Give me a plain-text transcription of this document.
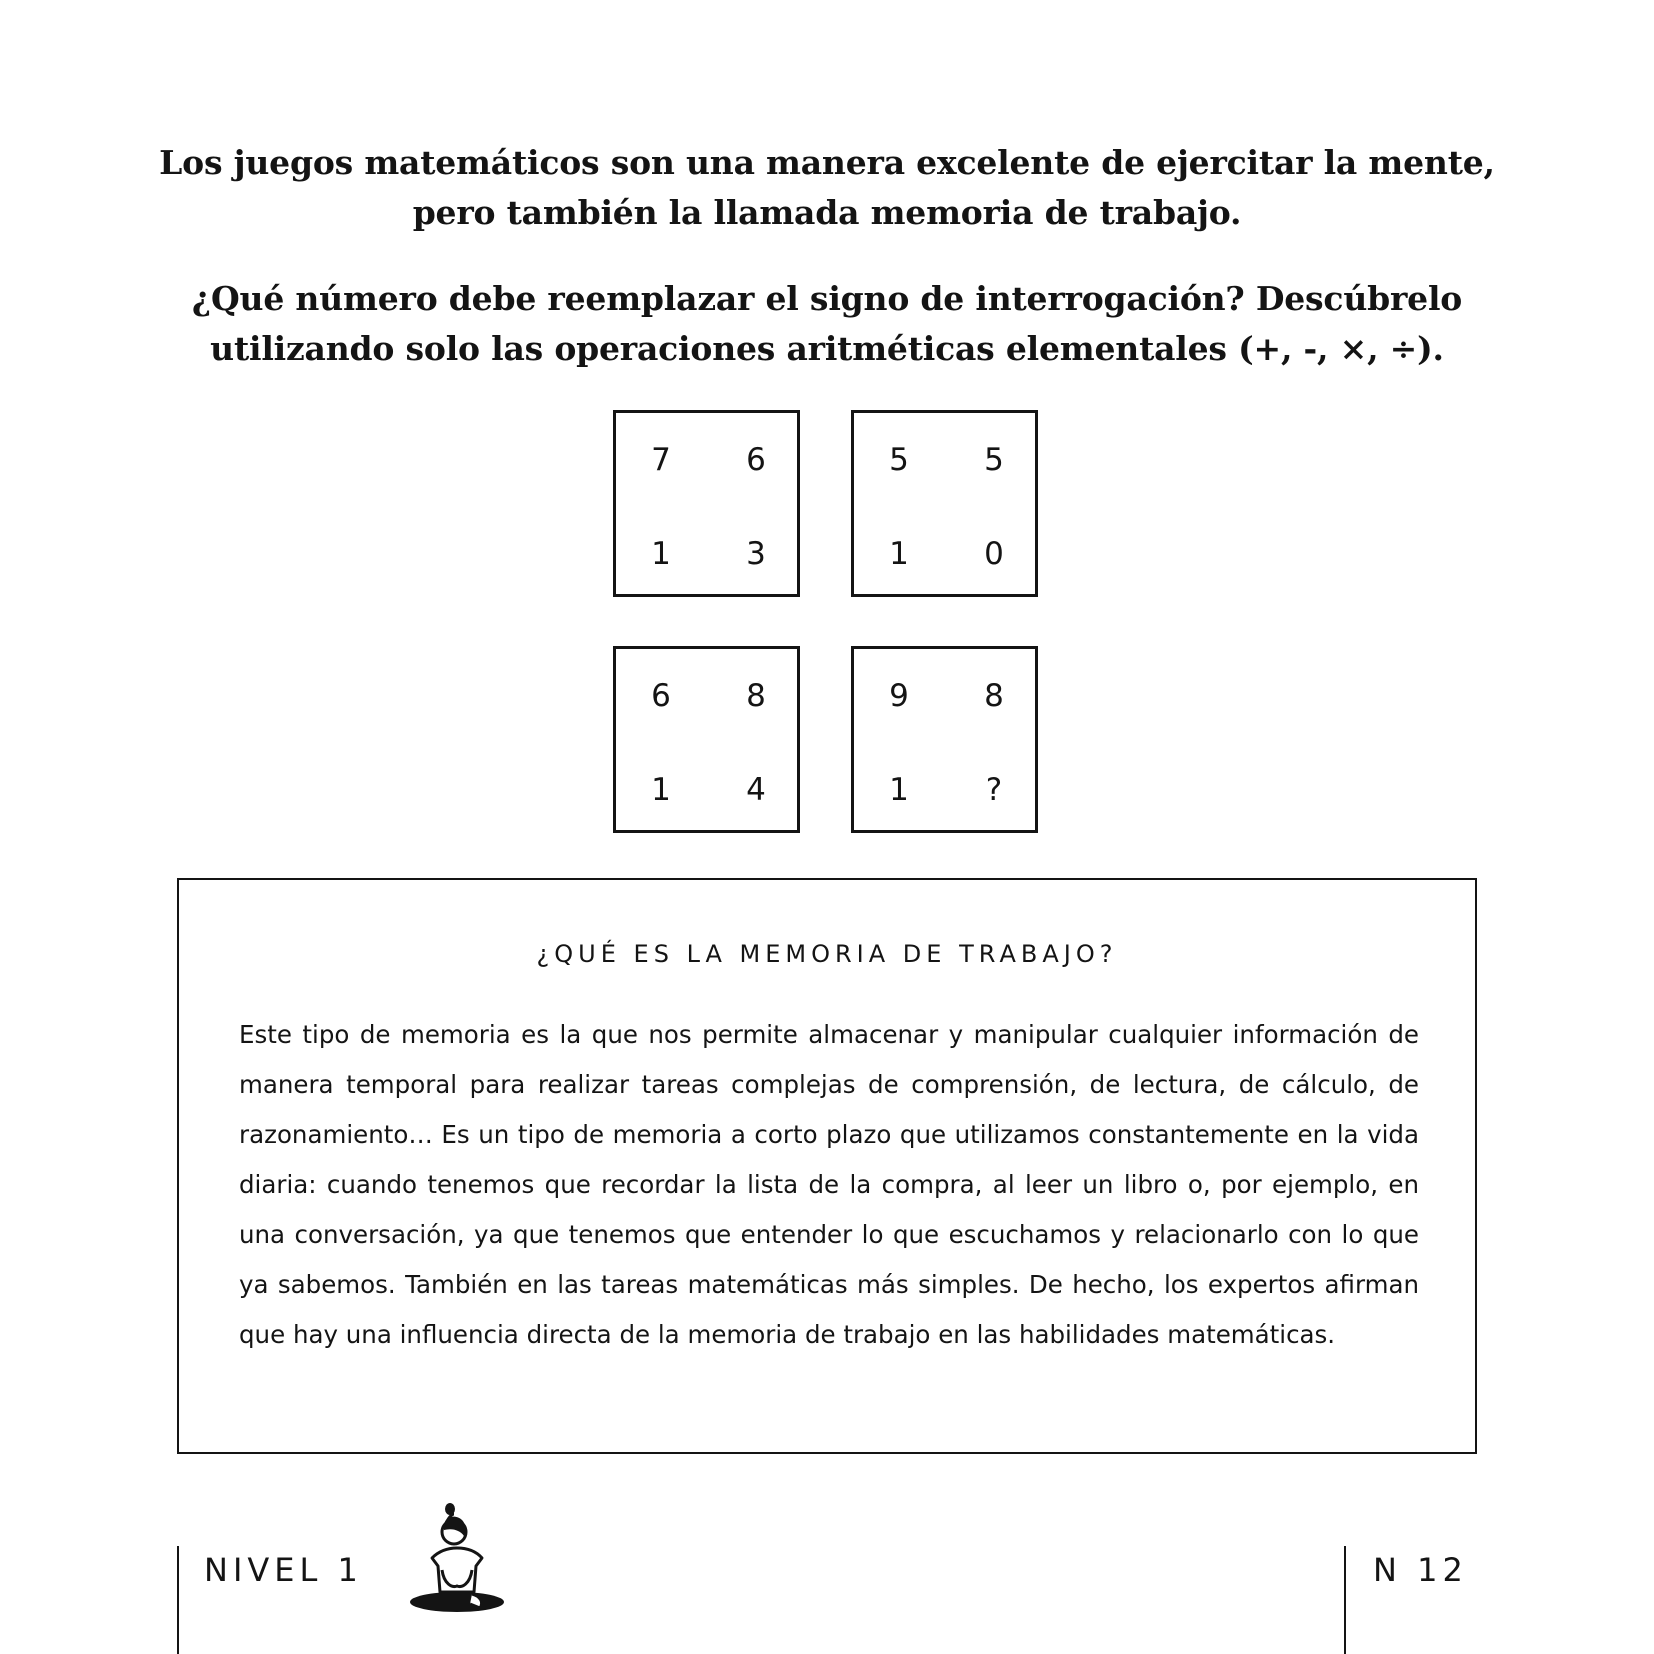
Los juegos matemáticos son una manera excelente de ejercitar la mente, pero también la llamada memoria de trabajo.

¿Qué número debe reemplazar el signo de interrogación? Descúbrelo utilizando solo las operaciones aritméticas elementales (+, -, ×, ÷).

7	6
1	3
5	5
1	0
6	8
1	4
9	8
1	?
¿QUÉ ES LA MEMORIA DE TRABAJO?

Este tipo de memoria es la que nos permite almacenar y manipular cualquier información de manera temporal para realizar tareas complejas de comprensión, de lectura, de cálculo, de razonamiento… Es un tipo de memoria a corto plazo que utilizamos constantemente en la vida diaria: cuando tenemos que recordar la lista de la compra, al leer un libro o, por ejemplo, en una conversación, ya que tenemos que entender lo que escuchamos y relacionarlo con lo que ya sabemos. También en las tareas matemáticas más simples. De hecho, los expertos afirman que hay una influencia directa de la memoria de trabajo en las habilidades matemáticas.

NIVEL 1	N 12
